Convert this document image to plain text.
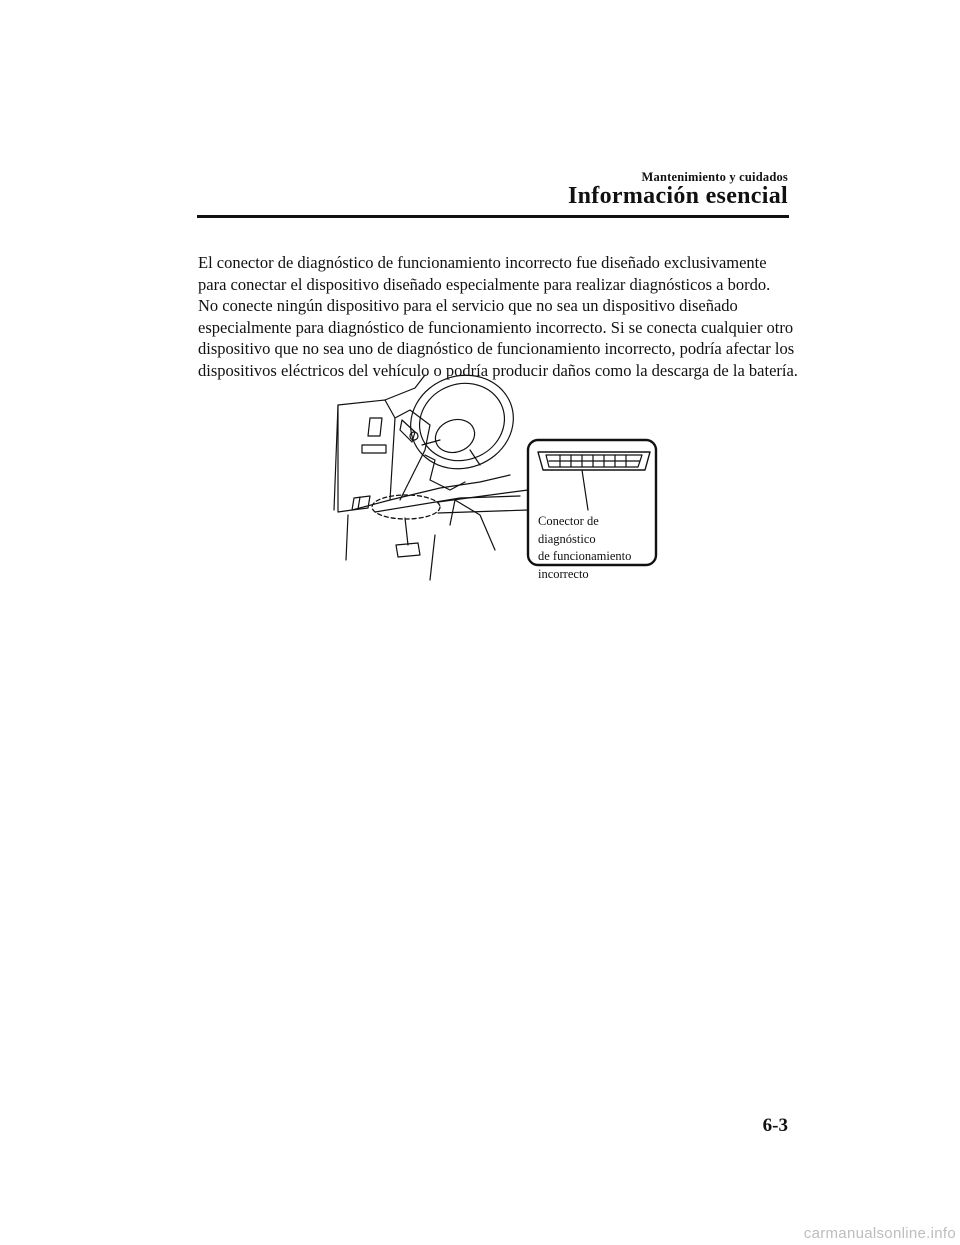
Mantenimiento y cuidados
Información esencial

El conector de diagnóstico de funcionamiento incorrecto fue diseñado exclusivamente para conectar el dispositivo diseñado especialmente para realizar diagnósticos a bordo.

No conecte ningún dispositivo para el servicio que no sea un dispositivo diseñado especialmente para diagnóstico de funcionamiento incorrecto. Si se conecta cualquier otro dispositivo que no sea uno de diagnóstico de funcionamiento incorrecto, podría afectar los dispositivos eléctricos del vehículo o podría producir daños como la descarga de la batería.

Conector de diagnóstico
de funcionamiento
incorrecto
6-3
carmanualsonline.info
